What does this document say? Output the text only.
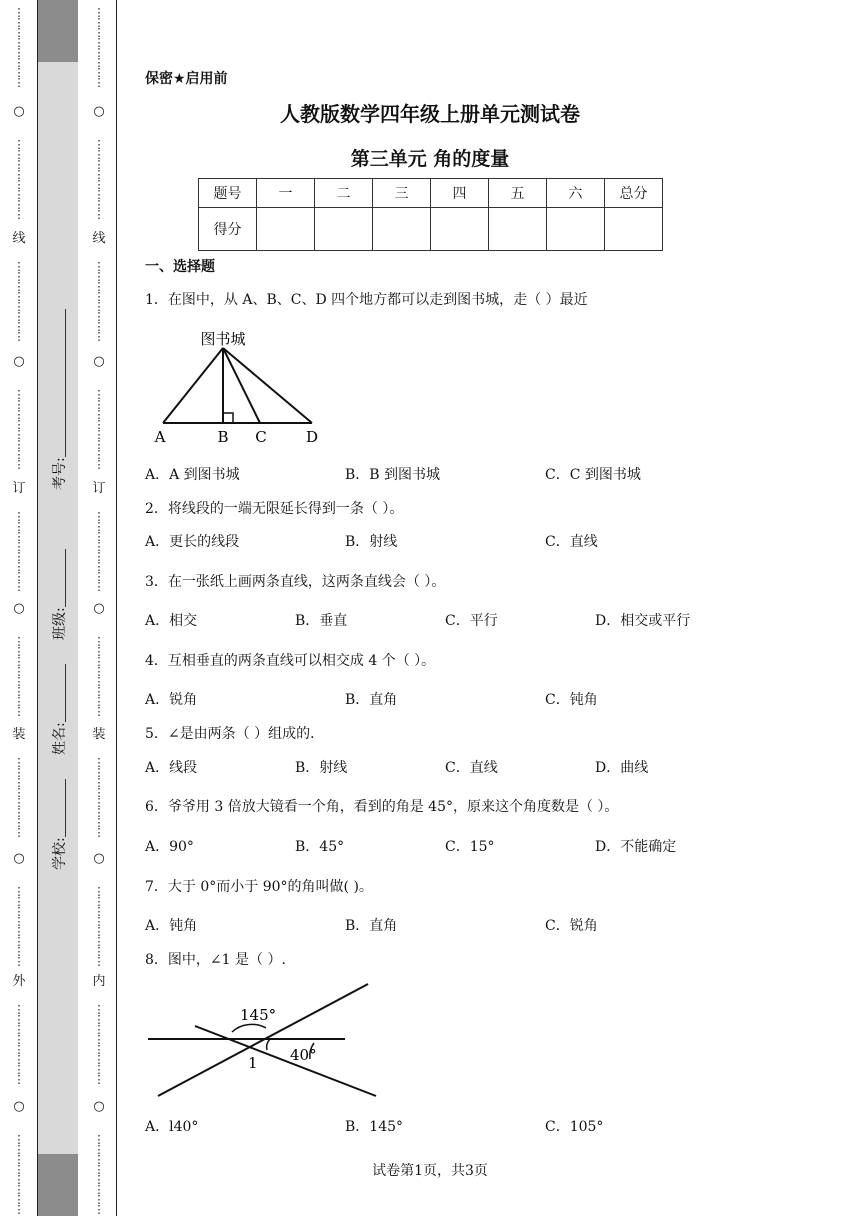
⋮
⋮
⋮
⋮
⋮
⋮
⋮
⋮
○
⋮
⋮
⋮
⋮
⋮
⋮
⋮
⋮
线
⋮
⋮
⋮
⋮
⋮
⋮
⋮
⋮
○
⋮
⋮
⋮
⋮
⋮
⋮
⋮
⋮
订
⋮
⋮
⋮
⋮
⋮
⋮
⋮
⋮
○
⋮
⋮
⋮
⋮
⋮
⋮
⋮
⋮
装
⋮
⋮
⋮
⋮
⋮
⋮
⋮
⋮
○
⋮
⋮
⋮
⋮
⋮
⋮
⋮
⋮
外
⋮
⋮
⋮
⋮
⋮
⋮
⋮
⋮
○
⋮
⋮
⋮
⋮
⋮
⋮
⋮
⋮
⋮
⋮
⋮
⋮
⋮
⋮
⋮
⋮
○
⋮
⋮
⋮
⋮
⋮
⋮
⋮
⋮
线
⋮
⋮
⋮
⋮
⋮
⋮
⋮
⋮
○
⋮
⋮
⋮
⋮
⋮
⋮
⋮
⋮
订
⋮
⋮
⋮
⋮
⋮
⋮
⋮
⋮
○
⋮
⋮
⋮
⋮
⋮
⋮
⋮
⋮
装
⋮
⋮
⋮
⋮
⋮
⋮
⋮
⋮
○
⋮
⋮
⋮
⋮
⋮
⋮
⋮
⋮
内
⋮
⋮
⋮
⋮
⋮
⋮
⋮
⋮
○
⋮
⋮
⋮
⋮
⋮
⋮
⋮
⋮
考号:
班级:
姓名:
学校:
保密★启用前
人教版数学四年级上册单元测试卷
第三单元 角的度量
题号	一	二	三	四	五	六	总分
得分							
一、选择题
1．在图中，从 A、B、C、D 四个地方都可以走到图书城，走（ ）最近
图书城
A	B C	D
A．A 到图书城	B．B 到图书城	C．C 到图书城
2．将线段的一端无限延长得到一条（ ）。
A．更长的线段	B．射线	C．直线
3．在一张纸上画两条直线，这两条直线会（ ）。
A．相交	B．垂直	C．平行	D．相交或平行
4．互相垂直的两条直线可以相交成 4 个（ ）。
A．锐角	B．直角	C．钝角
5．∠是由两条（ ）组成的．
A．线段	B．射线	C．直线	D．曲线
6．爷爷用 3 倍放大镜看一个角，看到的角是 45°，原来这个角度数是（ ）。
A．90°	B．45°	C．15°	D．不能确定
7．大于 0°而小于 90°的角叫做( )。
A．钝角	B．直角	C．锐角
8．图中，∠1 是（ ）.
145°
40°
1
A．l40°	B．145°	C．105°
试卷第1页，共3页
